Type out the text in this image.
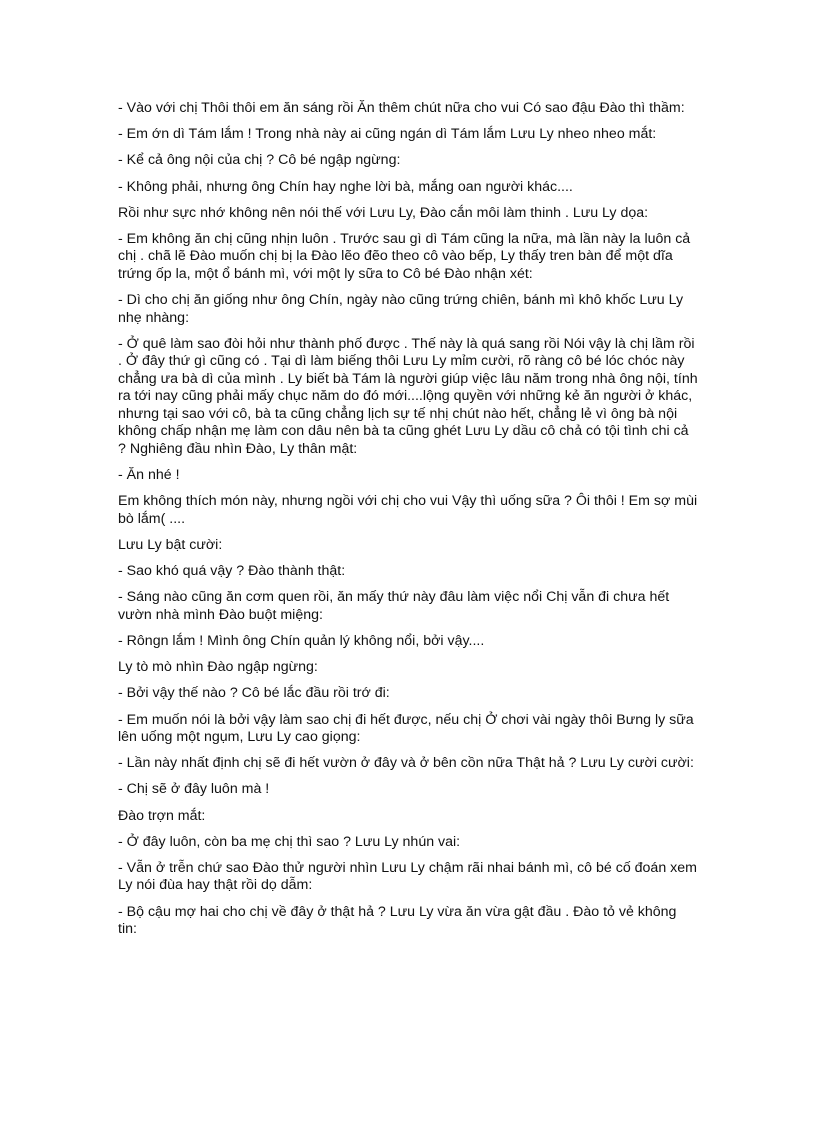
- Vào với chị Thôi thôi em ăn sáng rồi Ăn thêm chút nữa cho vui Có sao đậu Đào thì thầm:

- Em ớn dì Tám lắm ! Trong nhà này ai cũng ngán dì Tám lắm Lưu Ly nheo nheo mắt:

- Kể cả ông nội của chị ? Cô bé ngập ngừng:

- Không phải, nhưng ông Chín hay nghe lời bà, mắng oan người khác....

Rồi như sực nhớ không nên nói thế với Lưu Ly, Đào cắn môi làm thinh . Lưu Ly dọa:

- Em không ăn chị cũng nhịn luôn . Trước sau gì dì Tám cũng la nữa, mà lần này la luôn cả chị . chã lẽ Đào muốn chị bị la Đào lẽo đẽo theo cô vào bếp, Ly thấy tren bàn để một dĩa trứng ốp la, một ổ bánh mì, với một ly sữa to Cô bé Đào nhận xét:

- Dì cho chị ăn giống như ông Chín, ngày nào cũng trứng chiên, bánh mì khô khốc Lưu Ly nhẹ nhàng:

- Ở quê làm sao đòi hỏi như thành phố được . Thế này là quá sang rồi Nói vậy là chị lầm rồi . Ở đây thứ gì cũng có . Tại dì làm biếng thôi Lưu Ly mỉm cười, rõ ràng cô bé lóc chóc này chẳng ưa bà dì của mình . Ly biết bà Tám là người giúp việc lâu năm trong nhà ông nội, tính ra tới nay cũng phải mấy chục năm do đó mới....lộng quyền với những kẻ ăn người ở khác, nhưng tại sao với cô, bà ta cũng chẳng lịch sự tế nhị chút nào hết, chẳng lẻ vì ông bà nội không chấp nhận mẹ làm con dâu nên bà ta cũng ghét Lưu Ly dầu cô chả có tội tình chi cả ? Nghiêng đầu nhìn Đào, Ly thân mật:

- Ăn nhé !

Em không thích món này, nhưng ngồi với chị cho vui Vậy thì uống sữa ? Ôi thôi ! Em sợ mùi bò lắm( ....

Lưu Ly bật cười:

- Sao khó quá vậy ? Đào thành thật:

- Sáng nào cũng ăn cơm quen rồi, ăn mấy thứ này đâu làm việc nổi Chị vẫn đi chưa hết vườn nhà mình Đào buột miệng:

- Rôngn lắm ! Mình ông Chín quản lý không nổi, bởi vậy....

Ly tò mò nhìn Đào ngập ngừng:

- Bởi vậy thế nào ? Cô bé lắc đầu rồi trớ đi:

- Em muốn nói là bởi vậy làm sao chị đi hết được, nếu chị Ở chơi vài ngày thôi Bưng ly sữa lên uống một ngụm, Lưu Ly cao giọng:

- Lần này nhất định chị sẽ đi hết vườn ở đây và ở bên cồn nữa Thật hả ? Lưu Ly cười cười:

- Chị sẽ ở đây luôn mà !

Đào trợn mắt:

- Ở đây luôn, còn ba mẹ chị thì sao ? Lưu Ly nhún vai:

- Vẫn ở trễn chứ sao Đào thử người nhìn Lưu Ly chậm rãi nhai bánh mì, cô bé cố đoán xem Ly nói đùa hay thật rồi dọ dẫm:

- Bộ cậu mợ hai cho chị về đây ở thật hả ? Lưu Ly vừa ăn vừa gật đầu . Đào tỏ vẻ không tin:
